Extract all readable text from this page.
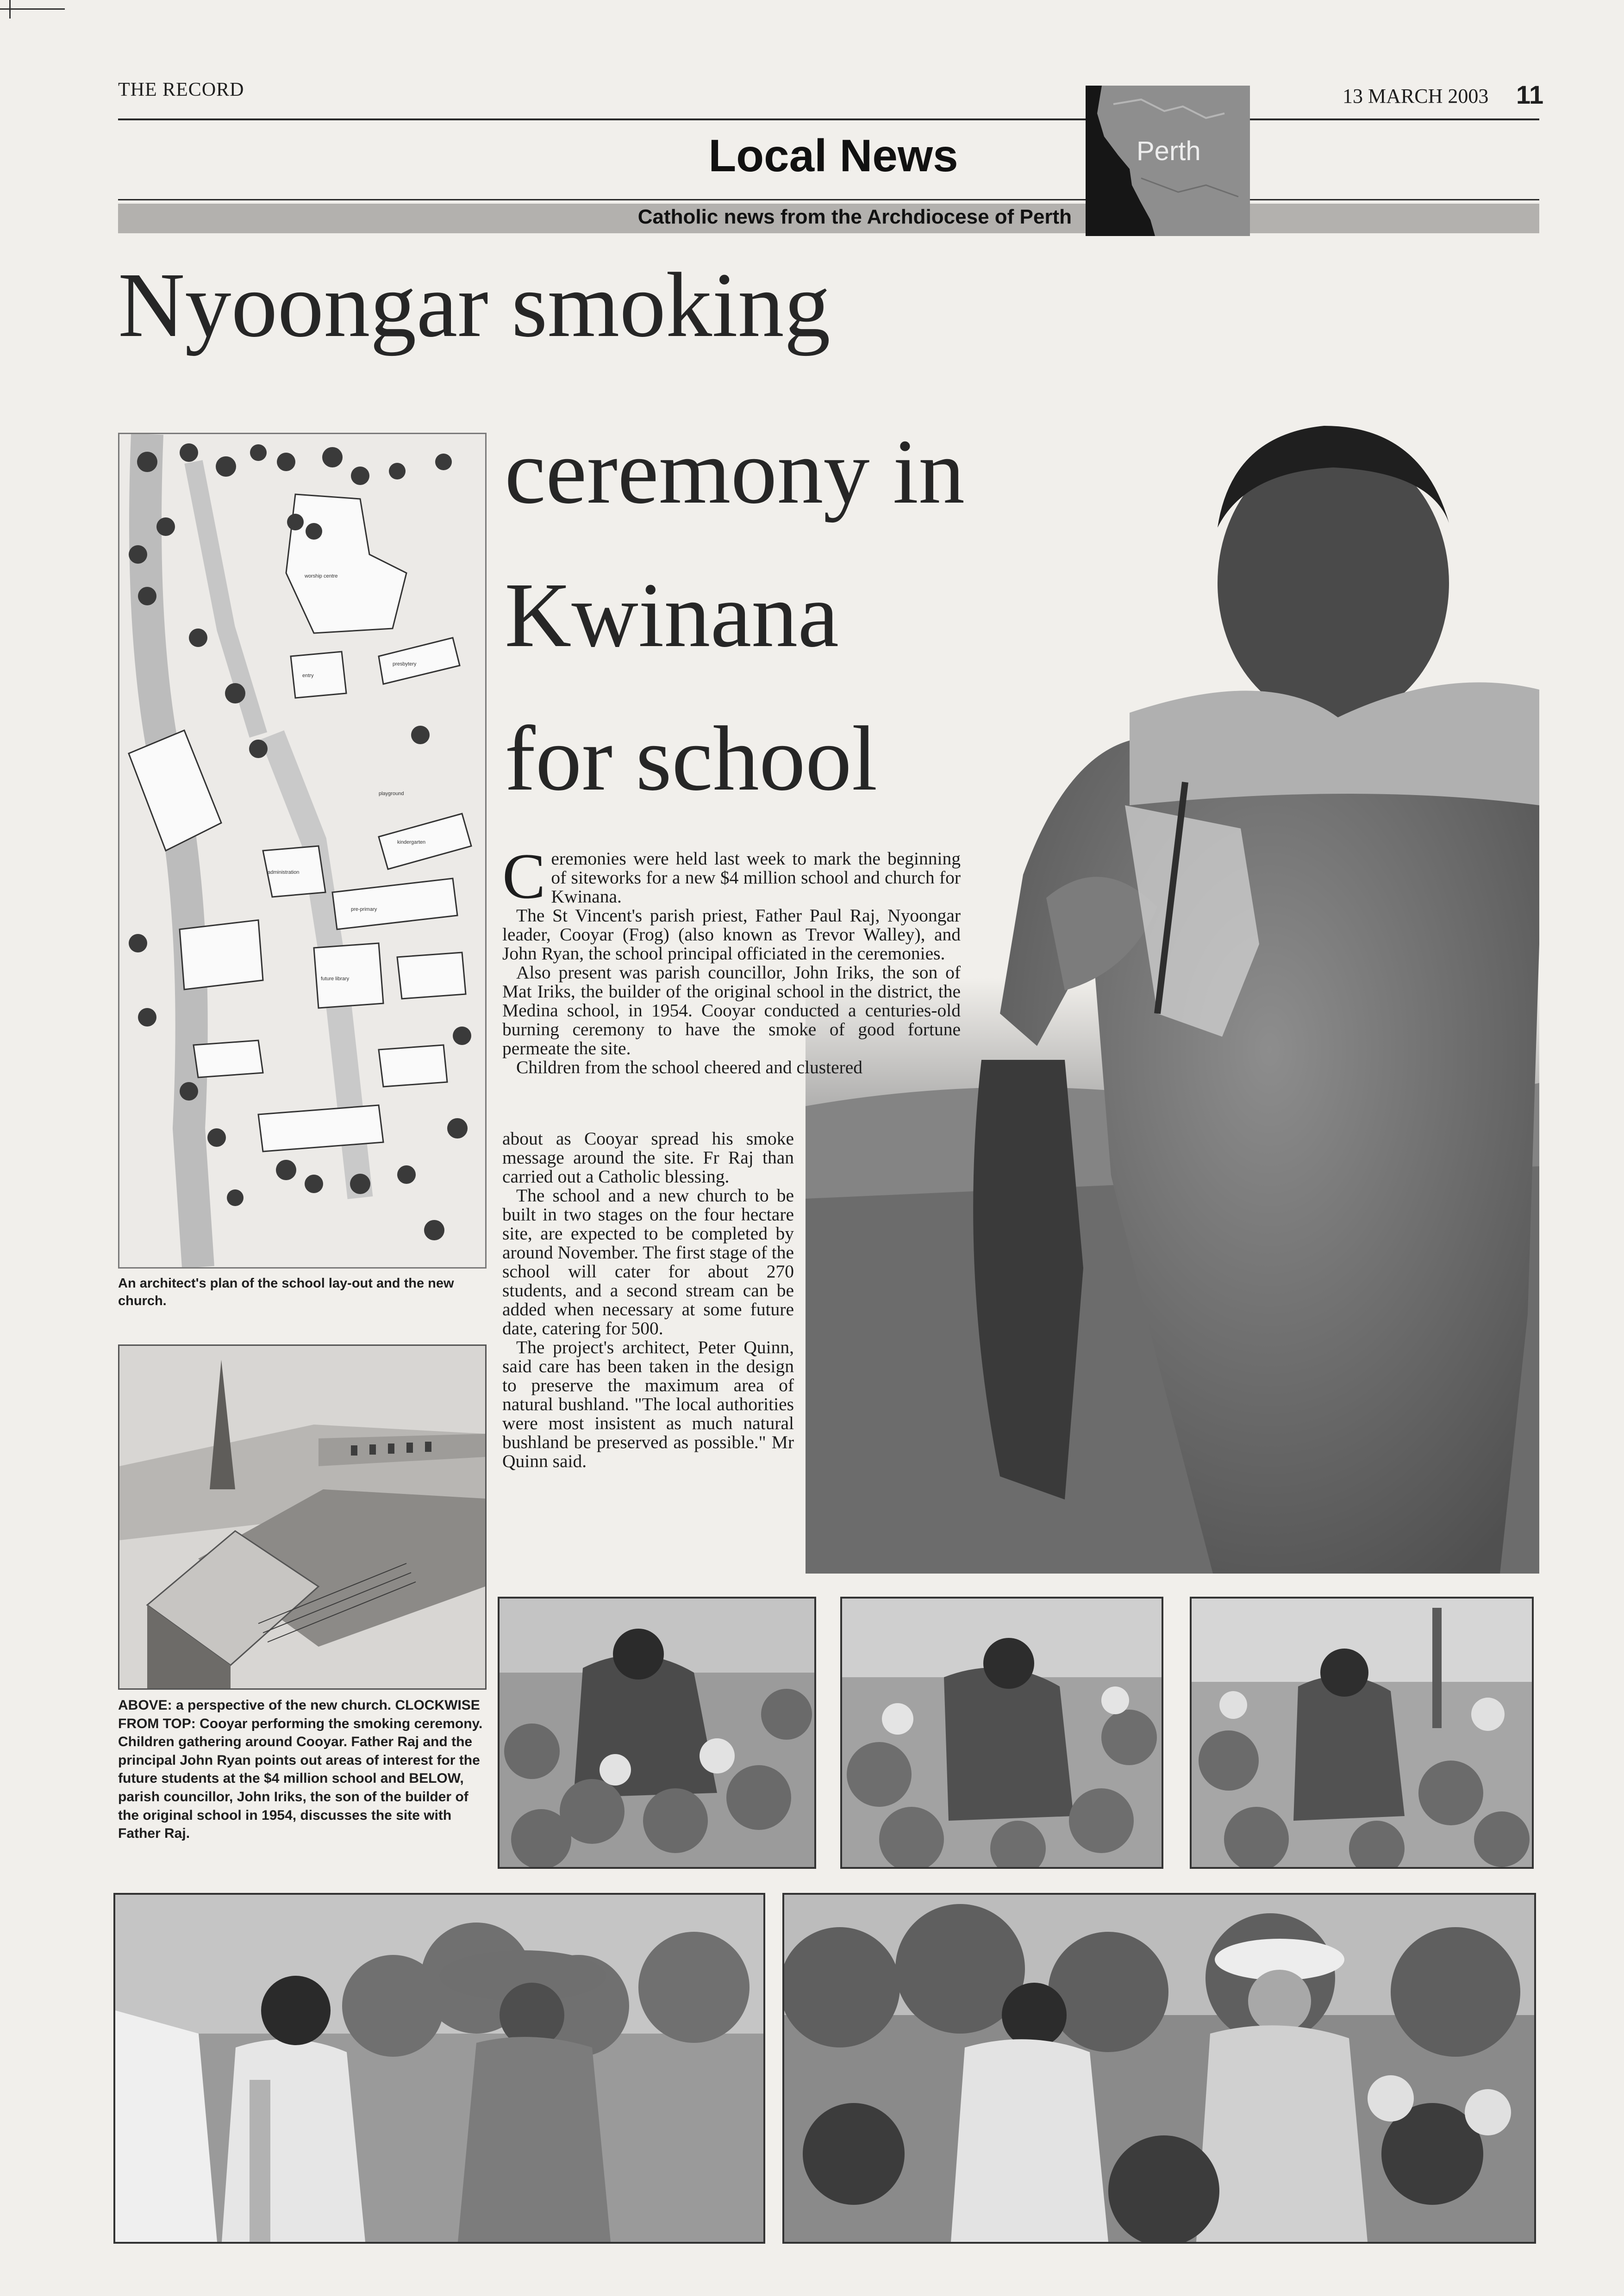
THE RECORD	13 MARCH 2003 11
Local News
Catholic news from the Archdiocese of Perth
Perth
Nyoongar smoking
ceremony in
Kwinana
for school
worship centre
entry
presbytery
playground
administration
kindergarten
pre-primary
future library
An architect's plan of the school lay-out and the new church.
ABOVE: a perspective of the new church. CLOCKWISE FROM TOP: Cooyar performing the smoking ceremony. Children gathering around Cooyar. Father Raj and the principal John Ryan points out areas of interest for the future students at the $4 million school and BELOW, parish councillor, John Iriks, the son of the builder of the original school in 1954, discusses the site with Father Raj.

Ceremonies were held last week to mark the beginning of siteworks for a new $4 million school and church for Kwinana.

The St Vincent's parish priest, Father Paul Raj, Nyoongar leader, Cooyar (Frog) (also known as Trevor Walley), and John Ryan, the school principal officiated in the ceremonies.

Also present was parish councillor, John Iriks, the son of Mat Iriks, the builder of the original school in the district, the Medina school, in 1954. Cooyar conducted a centuries-old burning ceremony to have the smoke of good fortune permeate the site.

Children from the school cheered and clustered

about as Cooyar spread his smoke message around the site. Fr Raj than carried out a Catholic blessing.

The school and a new church to be built in two stages on the four hectare site, are expected to be completed by around November. The first stage of the school will cater for about 270 students, and a second stream can be added when necessary at some future date, catering for 500.

The project's architect, Peter Quinn, said care has been taken in the design to preserve the maximum area of natural bushland. "The local authorities were most insistent as much natural bushland be preserved as possible." Mr Quinn said.
